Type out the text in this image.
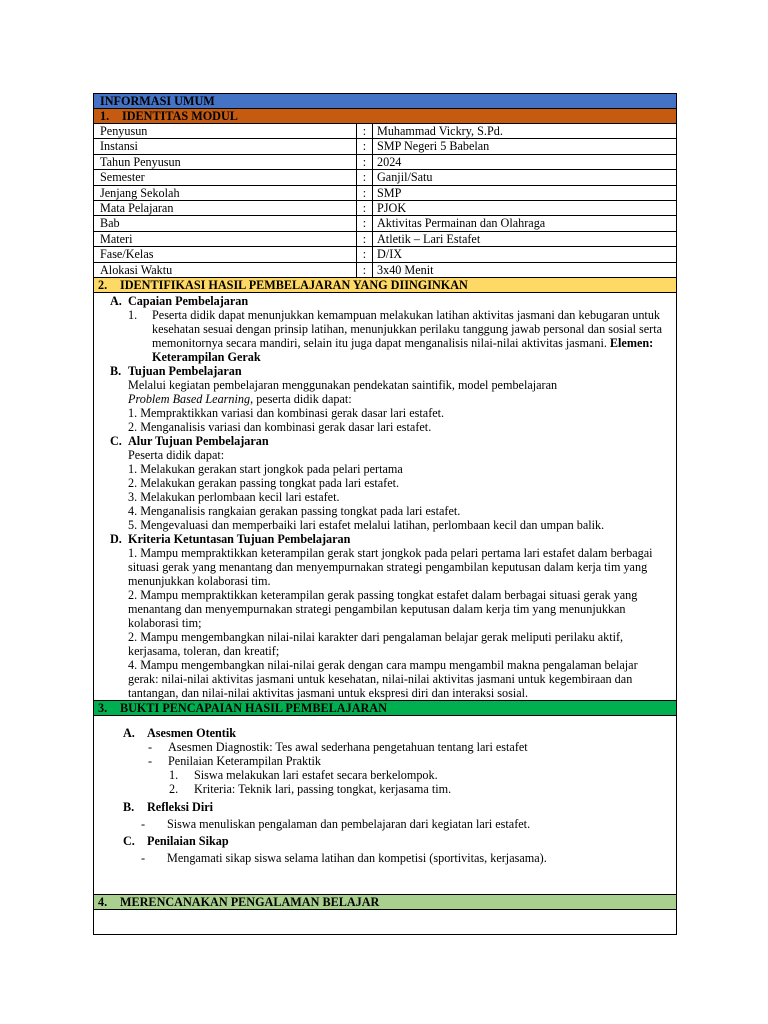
INFORMASI UMUM
1. IDENTITAS MODUL
Penyusun	: Muhammad Vickry, S.Pd.
Instansi	: SMP Negeri 5 Babelan
Tahun Penyusun	: 2024
Semester	: Ganjil/Satu
Jenjang Sekolah	: SMP
Mata Pelajaran	: PJOK
Bab	: Aktivitas Permainan dan Olahraga
Materi	: Atletik – Lari Estafet
Fase/Kelas	: D/IX
Alokasi Waktu	: 3x40 Menit
2. IDENTIFIKASI HASIL PEMBELAJARAN YANG DIINGINKAN
A. Capaian Pembelajaran
1.	Peserta didik dapat menunjukkan kemampuan melakukan latihan aktivitas jasmani dan kebugaran untuk kesehatan sesuai dengan prinsip latihan, menunjukkan perilaku tanggung jawab personal dan sosial serta memonitornya secara mandiri, selain itu juga dapat menganalisis nilai-nilai aktivitas jasmani. Elemen: Keterampilan Gerak
B. Tujuan Pembelajaran
Melalui kegiatan pembelajaran menggunakan pendekatan saintifik, model pembelajaran
Problem Based Learning, peserta didik dapat:
1. Mempraktikkan variasi dan kombinasi gerak dasar lari estafet.
2. Menganalisis variasi dan kombinasi gerak dasar lari estafet.
C. Alur Tujuan Pembelajaran
Peserta didik dapat:
1. Melakukan gerakan start jongkok pada pelari pertama
2. Melakukan gerakan passing tongkat pada lari estafet.
3. Melakukan perlombaan kecil lari estafet.
4. Menganalisis rangkaian gerakan passing tongkat pada lari estafet.
5. Mengevaluasi dan memperbaiki lari estafet melalui latihan, perlombaan kecil dan umpan balik.
D. Kriteria Ketuntasan Tujuan Pembelajaran
1. Mampu mempraktikkan keterampilan gerak start jongkok pada pelari pertama lari estafet dalam berbagai situasi gerak yang menantang dan menyempurnakan strategi pengambilan keputusan dalam kerja tim yang menunjukkan kolaborasi tim.
2. Mampu mempraktikkan keterampilan gerak passing tongkat estafet dalam berbagai situasi gerak yang menantang dan menyempurnakan strategi pengambilan keputusan dalam kerja tim yang menunjukkan kolaborasi tim;
2. Mampu mengembangkan nilai-nilai karakter dari pengalaman belajar gerak meliputi perilaku aktif, kerjasama, toleran, dan kreatif;
4. Mampu mengembangkan nilai-nilai gerak dengan cara mampu mengambil makna pengalaman belajar gerak: nilai-nilai aktivitas jasmani untuk kesehatan, nilai-nilai aktivitas jasmani untuk kegembiraan dan tantangan, dan nilai-nilai aktivitas jasmani untuk ekspresi diri dan interaksi sosial.
3. BUKTI PENCAPAIAN HASIL PEMBELAJARAN
A. Asesmen Otentik
-	Asesmen Diagnostik: Tes awal sederhana pengetahuan tentang lari estafet
-	Penilaian Keterampilan Praktik
1.	Siswa melakukan lari estafet secara berkelompok.
2.	Kriteria: Teknik lari, passing tongkat, kerjasama tim.
B. Refleksi Diri
-	Siswa menuliskan pengalaman dan pembelajaran dari kegiatan lari estafet.
C. Penilaian Sikap
-	Mengamati sikap siswa selama latihan dan kompetisi (sportivitas, kerjasama).
4. MERENCANAKAN PENGALAMAN BELAJAR
